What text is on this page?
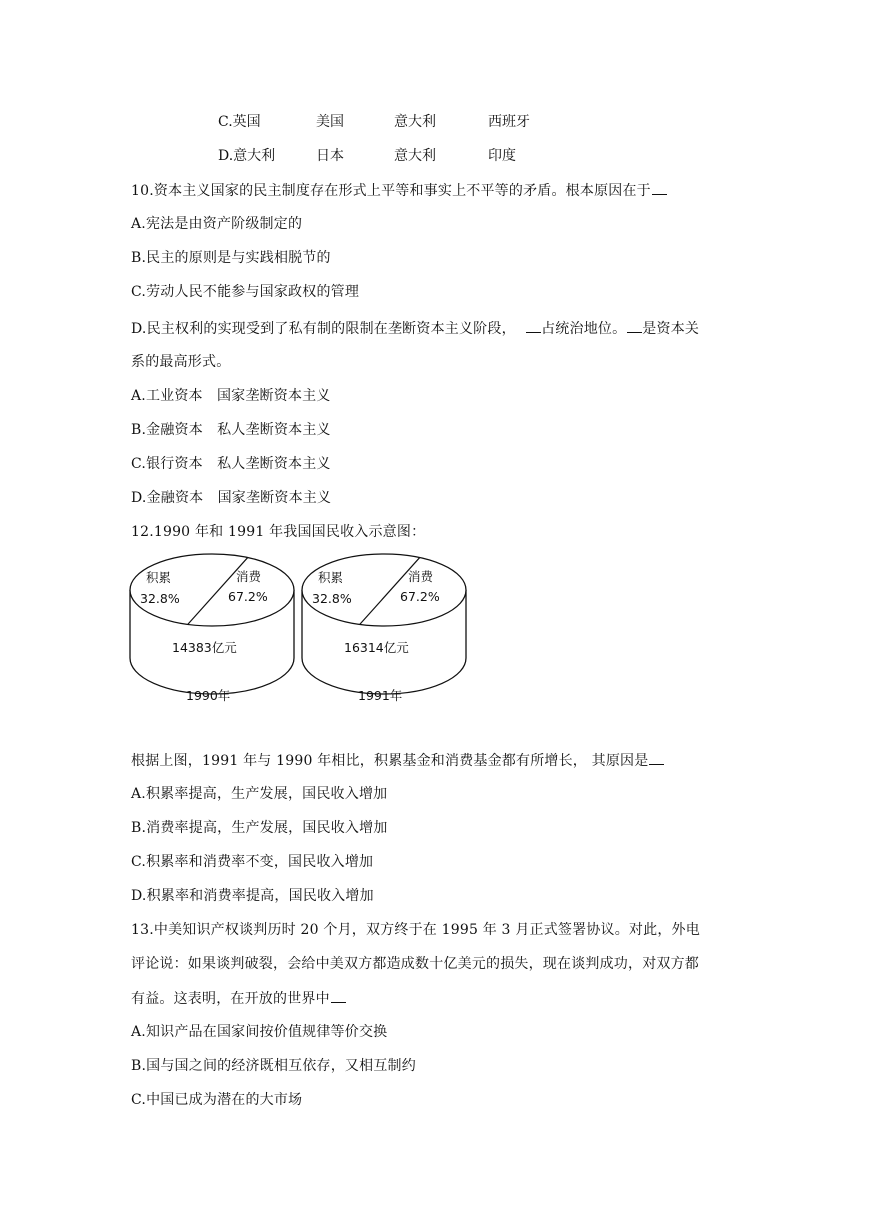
C.英国	美国	意大利	西班牙
D.意大利	日本	意大利	印度
10.资本主义国家的民主制度存在形式上平等和事实上不平等的矛盾。根本原因在于
A.宪法是由资产阶级制定的
B.民主的原则是与实践相脱节的
C.劳动人民不能参与国家政权的管理
D.民主权利的实现受到了私有制的限制在垄断资本主义阶段， 占统治地位。 是资本关
系的最高形式。
A.工业资本　国家垄断资本主义
B.金融资本　私人垄断资本主义
C.银行资本　私人垄断资本主义
D.金融资本　国家垄断资本主义
12.1990 年和 1991 年我国国民收入示意图：
积累
32.8%
消费
67.2%
14383亿元
1990年
积累
32.8%
消费
67.2%
16314亿元
1991年
根据上图，1991 年与 1990 年相比，积累基金和消费基金都有所增长， 其原因是
A.积累率提高，生产发展，国民收入增加
B.消费率提高，生产发展，国民收入增加
C.积累率和消费率不变，国民收入增加
D.积累率和消费率提高，国民收入增加
13.中美知识产权谈判历时 20 个月，双方终于在 1995 年 3 月正式签署协议。对此，外电
评论说：如果谈判破裂，会给中美双方都造成数十亿美元的损失，现在谈判成功，对双方都
有益。这表明，在开放的世界中
A.知识产品在国家间按价值规律等价交换
B.国与国之间的经济既相互依存，又相互制约
C.中国已成为潜在的大市场
